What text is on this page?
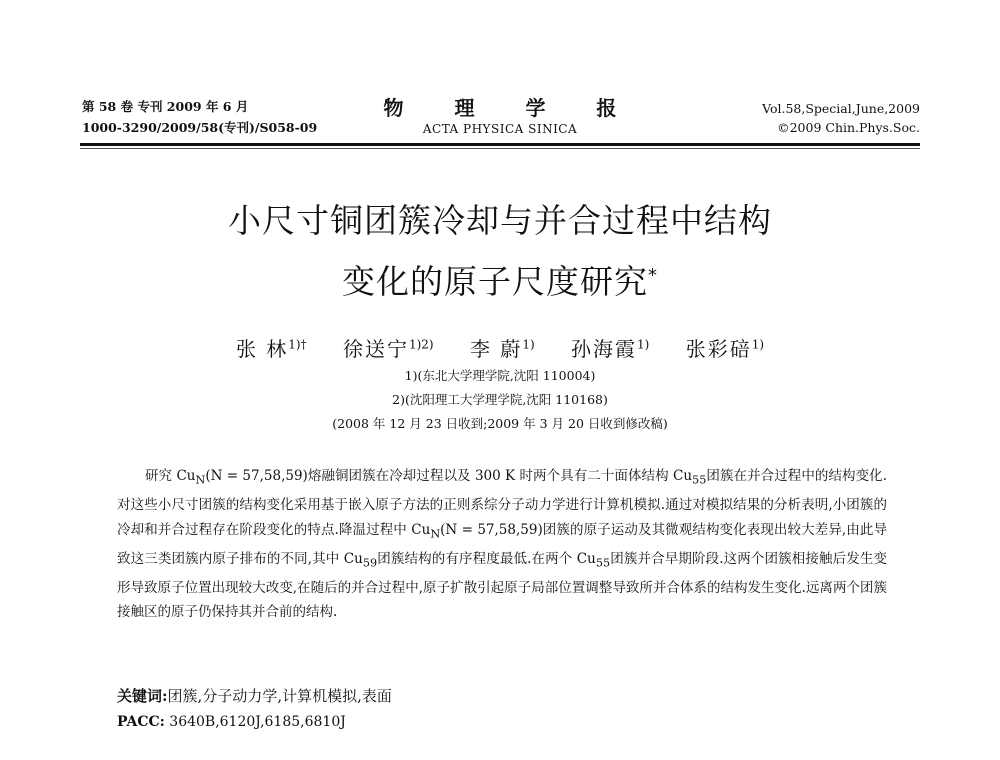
第 58 卷 专刊 2009 年 6 月
1000-3290/2009/58(专刊)/S058-09
物 理 学 报
ACTA PHYSICA SINICA
Vol.58,Special,June,2009
©2009 Chin.Phys.Soc.
小尺寸铜团簇冷却与并合过程中结构
变化的原子尺度研究*
张 林$^{1)\dagger}$ 徐送宁$^{1)2)}$ 李 蔚$^{1)}$ 孙海霞$^{1)}$ 张彩碚$^{1)}$
1)(东北大学理学院,沈阳 110004)
2)(沈阳理工大学理学院,沈阳 110168)
(2008 年 12 月 23 日收到;2009 年 3 月 20 日收到修改稿)
研究 $Cu_N(N = 57,58,59)$熔融铜团簇在冷却过程以及 300 K 时两个具有二十面体结构 $Cu_{55}$团簇在并合过程中的结构变化.对这些小尺寸团簇的结构变化采用基于嵌入原子方法的正则系综分子动力学进行计算机模拟.通过对模拟结果的分析表明,小团簇的冷却和并合过程存在阶段变化的特点.降温过程中 $Cu_N(N = 57,58,59)$团簇的原子运动及其微观结构变化表现出较大差异,由此导致这三类团簇内原子排布的不同,其中 $Cu_{59}$团簇结构的有序程度最低.在两个 $Cu_{55}$团簇并合早期阶段.这两个团簇相接触后发生变形导致原子位置出现较大改变,在随后的并合过程中,原子扩散引起原子局部位置调整导致所并合体系的结构发生变化.远离两个团簇接触区的原子仍保持其并合前的结构.
关键词:团簇,分子动力学,计算机模拟,表面
PACC: 3640B,6120J,6185,6810J
